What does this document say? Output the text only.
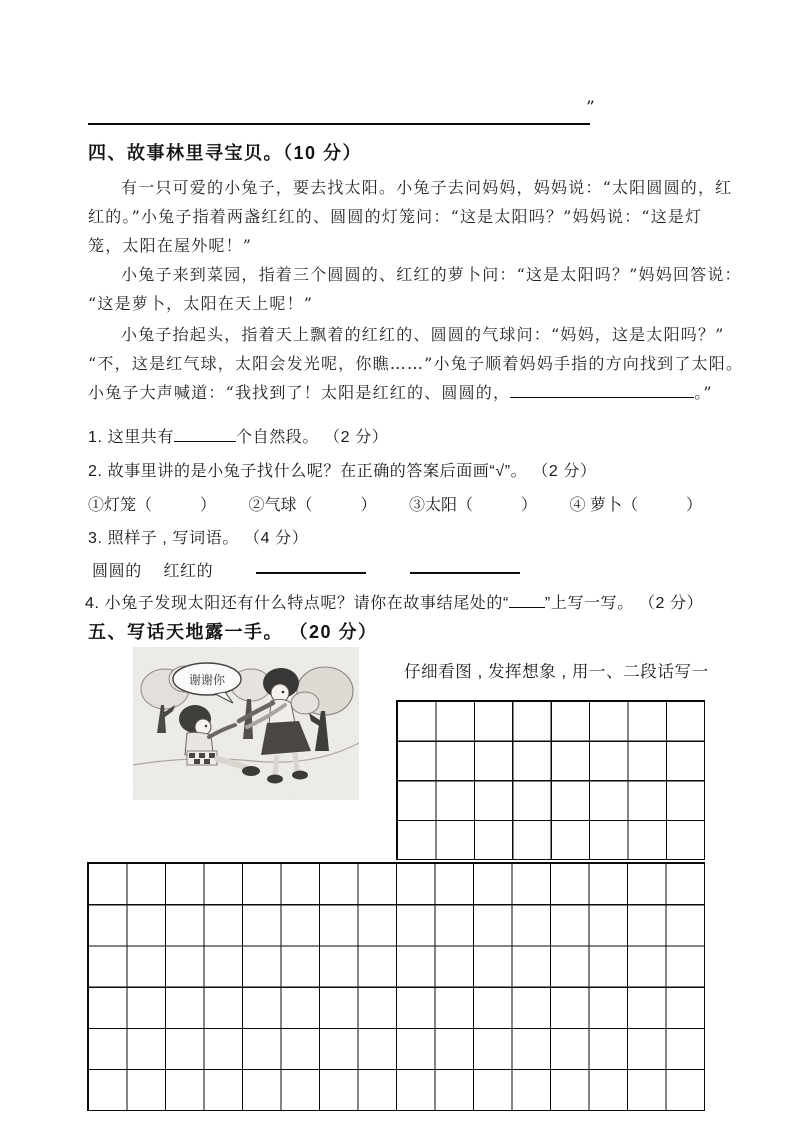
”
四、故事林里寻宝贝。（10 分）
有一只可爱的小兔子，要去找太阳。小兔子去问妈妈，妈妈说：“太阳圆圆的，红
红的。”小兔子指着两盏红红的、圆圆的灯笼问：“这是太阳吗？”妈妈说：“这是灯
笼，太阳在屋外呢！”
小兔子来到菜园，指着三个圆圆的、红红的萝卜问：“这是太阳吗？”妈妈回答说：
“这是萝卜，太阳在天上呢！”
小兔子抬起头，指着天上飘着的红红的、圆圆的气球问：“妈妈，这是太阳吗？”
“不，这是红气球，太阳会发光呢，你瞧……”小兔子顺着妈妈手指的方向找到了太阳。
小兔子大声喊道：“我找到了！太阳是红红的、圆圆的，	。”
1. 这里共有	个自然段。 （2 分）
2. 故事里讲的是小兔子找什么呢？在正确的答案后面画“√”。 （2 分）
①灯笼（　　　） ②气球（　　　） ③太阳（　　　） ④ 萝卜（　　　）
3. 照样子 , 写词语。 （4 分）
圆圆的　 红红的
4. 小兔子发现太阳还有什么特点呢？请你在故事结尾处的“ ”上写一写。 （2 分）
五、写话天地露一手。 （20 分）
谢谢你	仔细看图 , 发挥想象 , 用一、二段话写一
